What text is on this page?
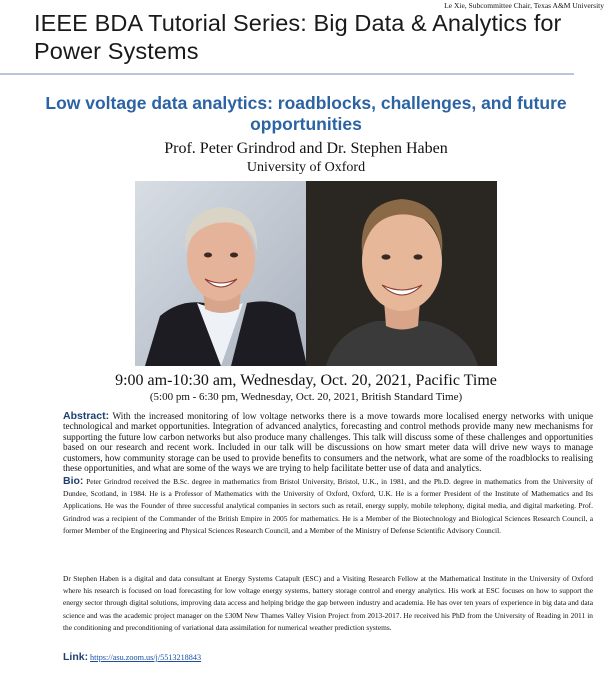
Le Xie, Subcommittee Chair, Texas A&M University
IEEE BDA Tutorial Series: Big Data & Analytics for Power Systems
Low voltage data analytics: roadblocks, challenges, and future opportunities
Prof. Peter Grindrod and Dr. Stephen Haben
University of Oxford
9:00 am-10:30 am, Wednesday, Oct. 20, 2021, Pacific Time
(5:00 pm - 6:30 pm, Wednesday, Oct. 20, 2021, British Standard Time)

Abstract: With the increased monitoring of low voltage networks there is a move towards more localised energy networks with unique technological and market opportunities. Integration of advanced analytics, forecasting and control methods provide many new mechanisms for supporting the future low carbon networks but also produce many challenges. This talk will discuss some of these challenges and opportunities based on our research and recent work. Included in our talk will be discussions on how smart meter data will drive new ways to manage customers, how community storage can be used to provide benefits to consumers and the network, what are some of the roadblocks to realising these opportunities, and what are some of the ways we are trying to help facilitate better use of data and analytics.

Bio: Peter Grindrod received the B.Sc. degree in mathematics from Bristol University, Bristol, U.K., in 1981, and the Ph.D. degree in mathematics from the University of Dundee, Scotland, in 1984. He is a Professor of Mathematics with the University of Oxford, Oxford, U.K. He is a former President of the Institute of Mathematics and Its Applications. He was the Founder of three successful analytical companies in sectors such as retail, energy supply, mobile telephony, digital media, and digital marketing. Prof. Grindrod was a recipient of the Commander of the British Empire in 2005 for mathematics. He is a Member of the Biotechnology and Biological Sciences Research Council, a former Member of the Engineering and Physical Sciences Research Council, and a Member of the Ministry of Defense Scientific Advisory Council.

Dr Stephen Haben is a digital and data consultant at Energy Systems Catapult (ESC) and a Visiting Research Fellow at the Mathematical Institute in the University of Oxford where his research is focused on load forecasting for low voltage energy systems, battery storage control and energy analytics. His work at ESC focuses on how to support the energy sector through digital solutions, improving data access and helping bridge the gap between industry and academia. He has over ten years of experience in big data and data science and was the academic project manager on the £30M New Thames Valley Vision Project from 2013-2017. He received his PhD from the University of Reading in 2011 in the conditioning and preconditioning of variational data assimilation for numerical weather prediction systems.

Link: https://asu.zoom.us/j/5513218843
